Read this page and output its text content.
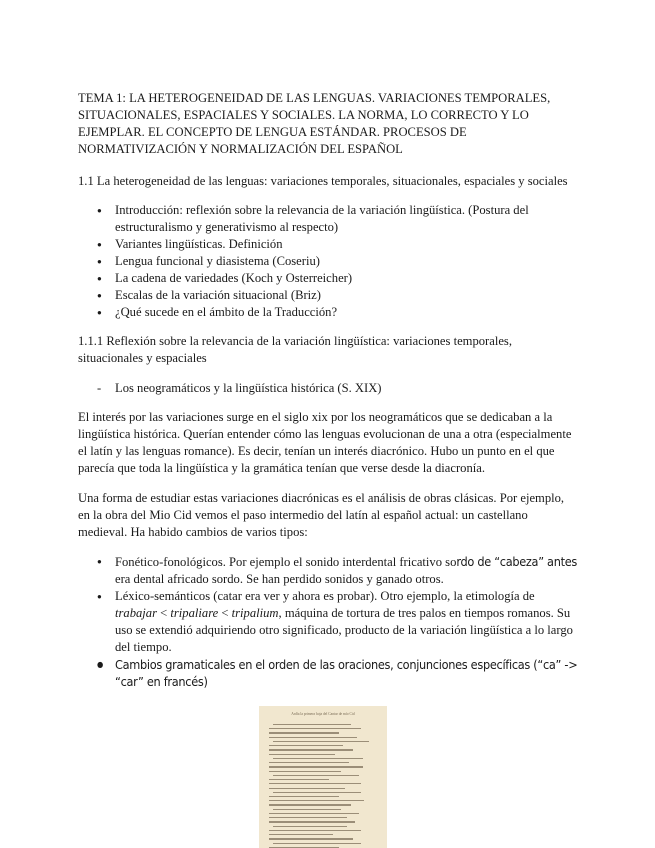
TEMA 1: LA HETEROGENEIDAD DE LAS LENGUAS. VARIACIONES TEMPORALES,
SITUACIONALES, ESPACIALES Y SOCIALES. LA NORMA, LO CORRECTO Y LO
EJEMPLAR. EL CONCEPTO DE LENGUA ESTÁNDAR. PROCESOS DE
NORMATIVIZACIÓN Y NORMALIZACIÓN DEL ESPAÑOL
1.1 La heterogeneidad de las lenguas: variaciones temporales, situacionales, espaciales y sociales
● Introducción: reflexión sobre la relevancia de la variación lingüística. (Postura del estructuralismo y generativismo al respecto)
● Variantes lingüísticas. Definición
● Lengua funcional y diasistema (Coseriu)
● La cadena de variedades (Koch y Osterreicher)
● Escalas de la variación situacional (Briz)
● ¿Qué sucede en el ámbito de la Traducción?
1.1.1 Reflexión sobre la relevancia de la variación lingüística: variaciones temporales, situacionales y espaciales
- Los neogramáticos y la lingüística histórica (S. XIX)

El interés por las variaciones surge en el siglo xix por los neogramáticos que se dedicaban a la lingüística histórica. Querían entender cómo las lenguas evolucionan de una a otra (especialmente el latín y las lenguas romance). Es decir, tenían un interés diacrónico. Hubo un punto en el que parecía que toda la lingüística y la gramática tenían que verse desde la diacronía.

Una forma de estudiar estas variaciones diacrónicas es el análisis de obras clásicas. Por ejemplo, en la obra del Mio Cid vemos el paso intermedio del latín al español actual: un castellano medieval. Ha habido cambios de varios tipos:

● Fonético-fonológicos. Por ejemplo el sonido interdental fricativo sordo de “cabeza” antes
era dental africado sordo. Se han perdido sonidos y ganado otros.
● Léxico-semánticos (catar era ver y ahora es probar). Otro ejemplo, la etimología de
trabajar < tripaliare < tripalium, máquina de tortura de tres palos en tiempos romanos. Su uso se extendió adquiriendo otro significado, producto de la variación lingüística a lo largo del tiempo.
● Cambios gramaticales en el orden de las oraciones, conjunciones específicas (“ca” -> “car” en francés)
Ardía la primera hoja del Cantar de mío Cid
